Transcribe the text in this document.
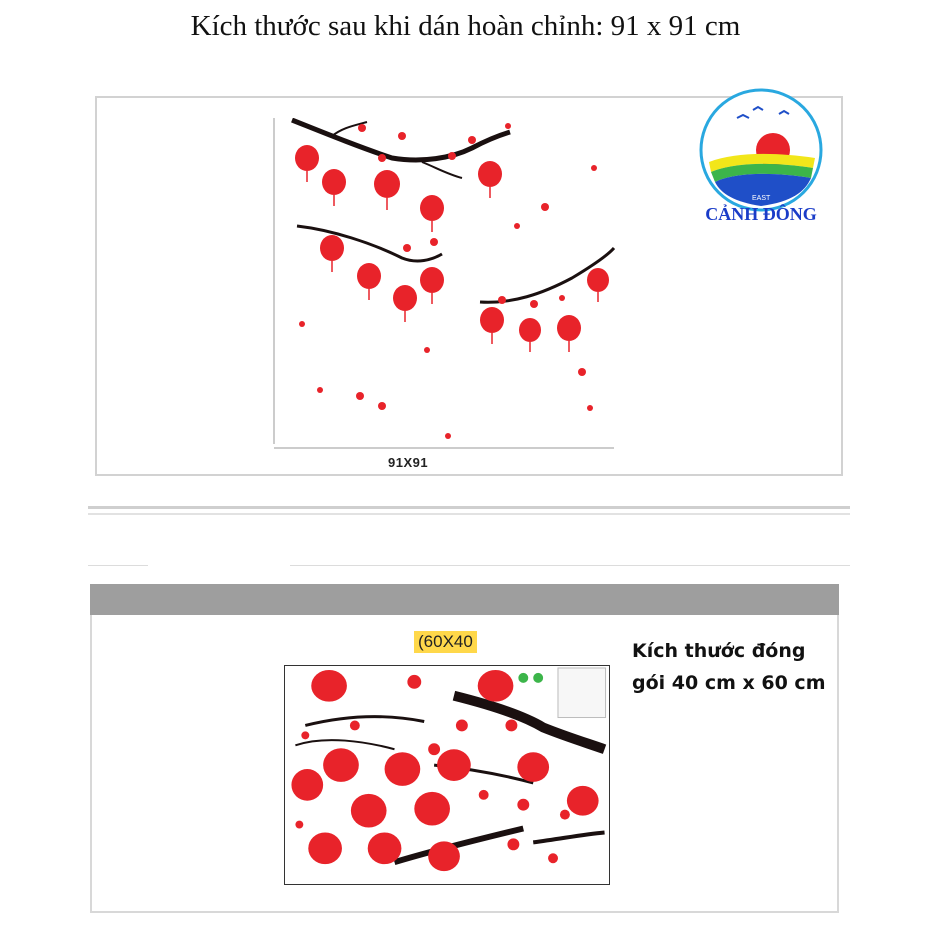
Kích thước sau khi dán hoàn chỉnh: 91 x 91 cm
91X91
EAST
CẢNH ĐÔNG
(60X40	Kích thước đóng
gói 40 cm x 60 cm
